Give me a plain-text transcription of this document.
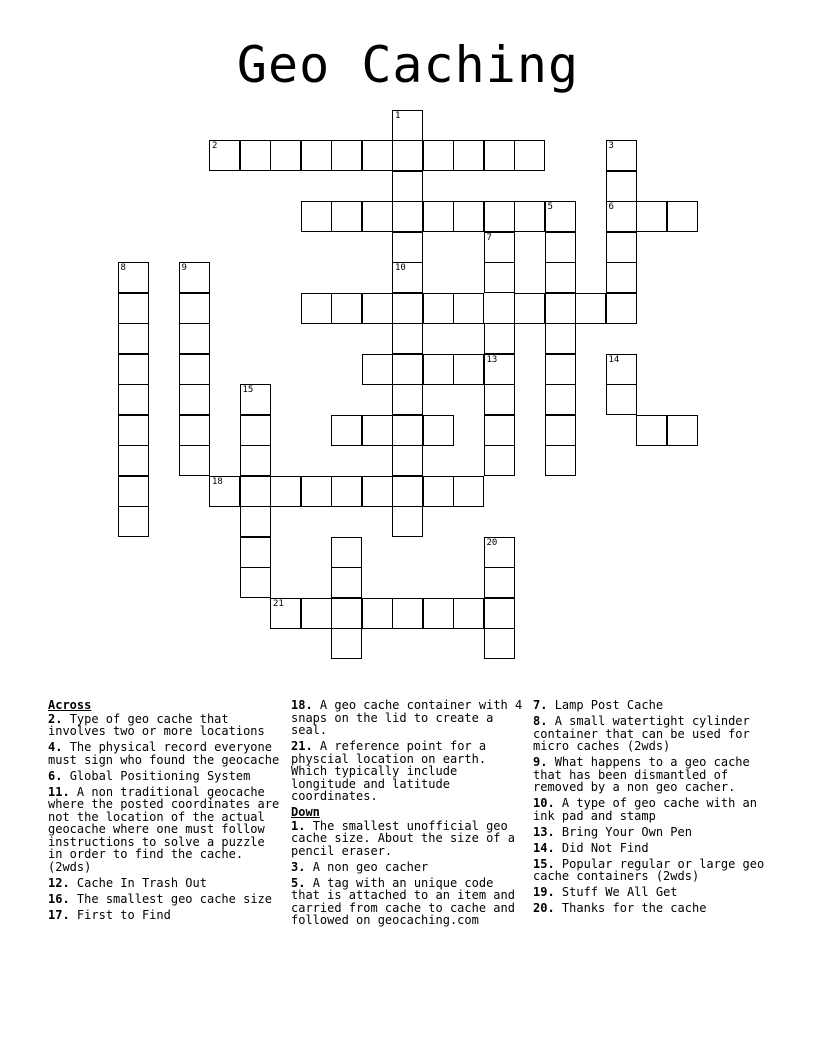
Geo Caching
1
10
2	3
6
5
7
8	9
13	14
15
18
20
21
Across
2. Type of geo cache that involves two or more locations
4. The physical record everyone must sign who found the geocache
6. Global Positioning System
11. A non traditional geocache where the posted coordinates are not the location of the actual geocache where one must follow instructions to solve a puzzle in order to find the cache. (2wds)
12. Cache In Trash Out
16. The smallest geo cache size
17. First to Find
18. A geo cache container with 4 snaps on the lid to create a seal.
21. A reference point for a physcial location on earth. Which typically include longitude and latitude coordinates.
Down
1. The smallest unofficial geo cache size. About the size of a pencil eraser.
3. A non geo cacher
5. A tag with an unique code that is attached to an item and carried from cache to cache and followed on geocaching.com
7. Lamp Post Cache
8. A small watertight cylinder container that can be used for micro caches (2wds)
9. What happens to a geo cache that has been dismantled of removed by a non geo cacher.
10. A type of geo cache with an ink pad and stamp
13. Bring Your Own Pen
14. Did Not Find
15. Popular regular or large geo cache containers (2wds)
19. Stuff We All Get
20. Thanks for the cache
